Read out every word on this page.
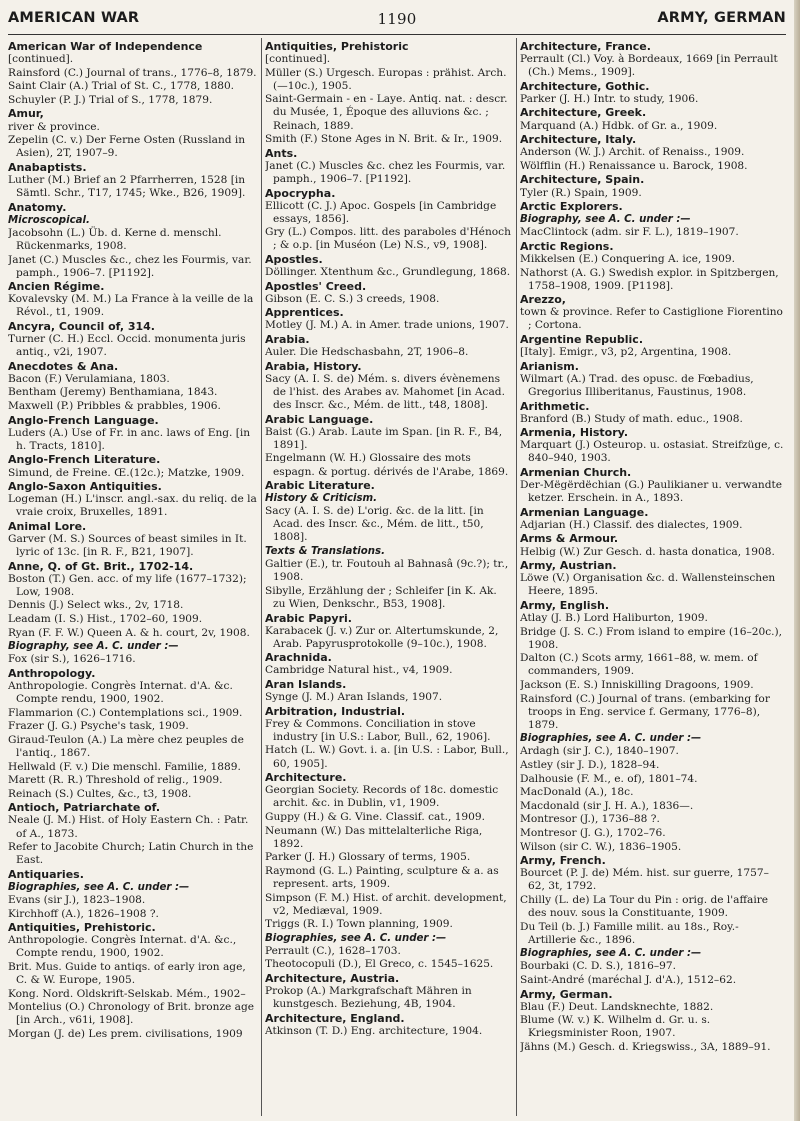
AMERICAN WAR	1190	ARMY, GERMAN
American War of Independence
[continued].
Rainsford (C.) Journal of trans., 1776–8, 1879.
Saint Clair (A.) Trial of St. C., 1778, 1880.
Schuyler (P. J.) Trial of S., 1778, 1879.
Amur,
river & province.
Zepelin (C. v.) Der Ferne Osten (Russland in Asien), 2T, 1907–9.
Anabaptists.
Luther (M.) Brief an 2 Pfarrherren, 1528 [in Sämtl. Schr., T17, 1745; Wke., B26, 1909].
Anatomy.
Microscopical.
Jacobsohn (L.) Üb. d. Kerne d. menschl. Rückenmarks, 1908.
Janet (C.) Muscles &c., chez les Fourmis, var. pamph., 1906–7. [P1192].
Ancien Régime.
Kovalevsky (M. M.) La France à la veille de la Révol., t1, 1909.
Ancyra, Council of, 314.
Turner (C. H.) Eccl. Occid. monumenta juris antiq., v2i, 1907.
Anecdotes & Ana.
Bacon (F.) Verulamiana, 1803.
Bentham (Jeremy) Benthamiana, 1843.
Maxwell (P.) Pribbles & prabbles, 1906.
Anglo-French Language.
Luders (A.) Use of Fr. in anc. laws of Eng. [in h. Tracts, 1810].
Anglo-French Literature.
Simund, de Freine. Œ.(12c.); Matzke, 1909.
Anglo-Saxon Antiquities.
Logeman (H.) L'inscr. angl.-sax. du reliq. de la vraie croix, Bruxelles, 1891.
Animal Lore.
Garver (M. S.) Sources of beast similes in It. lyric of 13c. [in R. F., B21, 1907].
Anne, Q. of Gt. Brit., 1702-14.
Boston (T.) Gen. acc. of my life (1677–1732); Low, 1908.
Dennis (J.) Select wks., 2v, 1718.
Leadam (I. S.) Hist., 1702–60, 1909.
Ryan (F. F. W.) Queen A. & h. court, 2v, 1908.
Biography, see A. C. under :—
Fox (sir S.), 1626–1716.
Anthropology.
Anthropologie. Congrès Internat. d'A. &c. Compte rendu, 1900, 1902.
Flammarion (C.) Contemplations sci., 1909.
Frazer (J. G.) Psyche's task, 1909.
Giraud-Teulon (A.) La mère chez peuples de l'antiq., 1867.
Hellwald (F. v.) Die menschl. Familie, 1889.
Marett (R. R.) Threshold of relig., 1909.
Reinach (S.) Cultes, &c., t3, 1908.
Antioch, Patriarchate of.
Neale (J. M.) Hist. of Holy Eastern Ch. : Patr. of A., 1873.
Refer to Jacobite Church; Latin Church in the East.
Antiquaries.
Biographies, see A. C. under :—
Evans (sir J.), 1823–1908.
Kirchhoff (A.), 1826–1908 ?.
Antiquities, Prehistoric.
Anthropologie. Congrès Internat. d'A. &c., Compte rendu, 1900, 1902.
Brit. Mus. Guide to antiqs. of early iron age, C. & W. Europe, 1905.
Kong. Nord. Oldskrift-Selskab. Mém., 1902–
Montelius (O.) Chronology of Brit. bronze age [in Arch., v61i, 1908].
Morgan (J. de) Les prem. civilisations, 1909
Antiquities, Prehistoric
[continued].
Müller (S.) Urgesch. Europas : prähist. Arch. (—10c.), 1905.
Saint-Germain - en - Laye. Antiq. nat. : descr. du Musée, 1, Époque des alluvions &c. ; Reinach, 1889.
Smith (F.) Stone Ages in N. Brit. & Ir., 1909.
Ants.
Janet (C.) Muscles &c. chez les Fourmis, var. pamph., 1906–7. [P1192].
Apocrypha.
Ellicott (C. J.) Apoc. Gospels [in Cambridge essays, 1856].
Gry (L.) Compos. litt. des paraboles d'Hénoch ; & o.p. [in Muséon (Le) N.S., v9, 1908].
Apostles.
Döllinger. Xtenthum &c., Grundlegung, 1868.
Apostles' Creed.
Gibson (E. C. S.) 3 creeds, 1908.
Apprentices.
Motley (J. M.) A. in Amer. trade unions, 1907.
Arabia.
Auler. Die Hedschasbahn, 2T, 1906–8.
Arabia, History.
Sacy (A. I. S. de) Mém. s. divers évènemens de l'hist. des Arabes av. Mahomet [in Acad. des Inscr. &c., Mém. de litt., t48, 1808].
Arabic Language.
Baist (G.) Arab. Laute im Span. [in R. F., B4, 1891].
Engelmann (W. H.) Glossaire des mots espagn. & portug. dérivés de l'Arabe, 1869.
Arabic Literature.
History & Criticism.
Sacy (A. I. S. de) L'orig. &c. de la litt. [in Acad. des Inscr. &c., Mém. de litt., t50, 1808].
Texts & Translations.
Galtier (E.), tr. Foutouh al Bahnasâ (9c.?); tr., 1908.
Sibylle, Erzählung der ; Schleifer [in K. Ak. zu Wien, Denkschr., B53, 1908].
Arabic Papyri.
Karabacek (J. v.) Zur or. Altertumskunde, 2, Arab. Papyrusprotokolle (9–10c.), 1908.
Arachnida.
Cambridge Natural hist., v4, 1909.
Aran Islands.
Synge (J. M.) Aran Islands, 1907.
Arbitration, Industrial.
Frey & Commons. Conciliation in stove industry [in U.S.: Labor, Bull., 62, 1906].
Hatch (L. W.) Govt. i. a. [in U.S. : Labor, Bull., 60, 1905].
Architecture.
Georgian Society. Records of 18c. domestic archit. &c. in Dublin, v1, 1909.
Guppy (H.) & G. Vine. Classif. cat., 1909.
Neumann (W.) Das mittelalterliche Riga, 1892.
Parker (J. H.) Glossary of terms, 1905.
Raymond (G. L.) Painting, sculpture & a. as represent. arts, 1909.
Simpson (F. M.) Hist. of archit. development, v2, Mediæval, 1909.
Triggs (R. I.) Town planning, 1909.
Biographies, see A. C. under :—
Perrault (C.), 1628–1703.
Theotocopuli (D.), El Greco, c. 1545–1625.
Architecture, Austria.
Prokop (A.) Markgrafschaft Mähren in kunstgesch. Beziehung, 4B, 1904.
Architecture, England.
Atkinson (T. D.) Eng. architecture, 1904.
Architecture, France.
Perrault (Cl.) Voy. à Bordeaux, 1669 [in Perrault (Ch.) Mems., 1909].
Architecture, Gothic.
Parker (J. H.) Intr. to study, 1906.
Architecture, Greek.
Marquand (A.) Hdbk. of Gr. a., 1909.
Architecture, Italy.
Anderson (W. J.) Archit. of Renaiss., 1909.
Wölfflin (H.) Renaissance u. Barock, 1908.
Architecture, Spain.
Tyler (R.) Spain, 1909.
Arctic Explorers.
Biography, see A. C. under :—
MacClintock (adm. sir F. L.), 1819–1907.
Arctic Regions.
Mikkelsen (E.) Conquering A. ice, 1909.
Nathorst (A. G.) Swedish explor. in Spitzbergen, 1758–1908, 1909. [P1198].
Arezzo,
town & province. Refer to Castiglione Fiorentino ; Cortona.
Argentine Republic.
[Italy]. Emigr., v3, p2, Argentina, 1908.
Arianism.
Wilmart (A.) Trad. des opusc. de Fœbadius, Gregorius Illiberitanus, Faustinus, 1908.
Arithmetic.
Branford (B.) Study of math. educ., 1908.
Armenia, History.
Marquart (J.) Osteurop. u. ostasiat. Streifzüge, c. 840–940, 1903.
Armenian Church.
Der-Mëgërdëchian (G.) Paulikianer u. verwandte ketzer. Erschein. in A., 1893.
Armenian Language.
Adjarian (H.) Classif. des dialectes, 1909.
Arms & Armour.
Helbig (W.) Zur Gesch. d. hasta donatica, 1908.
Army, Austrian.
Löwe (V.) Organisation &c. d. Wallensteinschen Heere, 1895.
Army, English.
Atlay (J. B.) Lord Haliburton, 1909.
Bridge (J. S. C.) From island to empire (16–20c.), 1908.
Dalton (C.) Scots army, 1661–88, w. mem. of commanders, 1909.
Jackson (E. S.) Inniskilling Dragoons, 1909.
Rainsford (C.) Journal of trans. (embarking for troops in Eng. service f. Germany, 1776–8), 1879.
Biographies, see A. C. under :—
Ardagh (sir J. C.), 1840–1907.
Astley (sir J. D.), 1828–94.
Dalhousie (F. M., e. of), 1801–74.
MacDonald (A.), 18c.
Macdonald (sir J. H. A.), 1836—.
Montresor (J.), 1736–88 ?.
Montresor (J. G.), 1702–76.
Wilson (sir C. W.), 1836–1905.
Army, French.
Bourcet (P. J. de) Mém. hist. sur guerre, 1757–62, 3t, 1792.
Chilly (L. de) La Tour du Pin : orig. de l'affaire des nouv. sous la Constituante, 1909.
Du Teil (b. J.) Famille milit. au 18s., Roy.-Artillerie &c., 1896.
Biographies, see A. C. under :—
Bourbaki (C. D. S.), 1816–97.
Saint-André (maréchal J. d'A.), 1512–62.
Army, German.
Blau (F.) Deut. Landsknechte, 1882.
Blume (W. v.) K. Wilhelm d. Gr. u. s. Kriegsminister Roon, 1907.
Jähns (M.) Gesch. d. Kriegswiss., 3A, 1889–91.
